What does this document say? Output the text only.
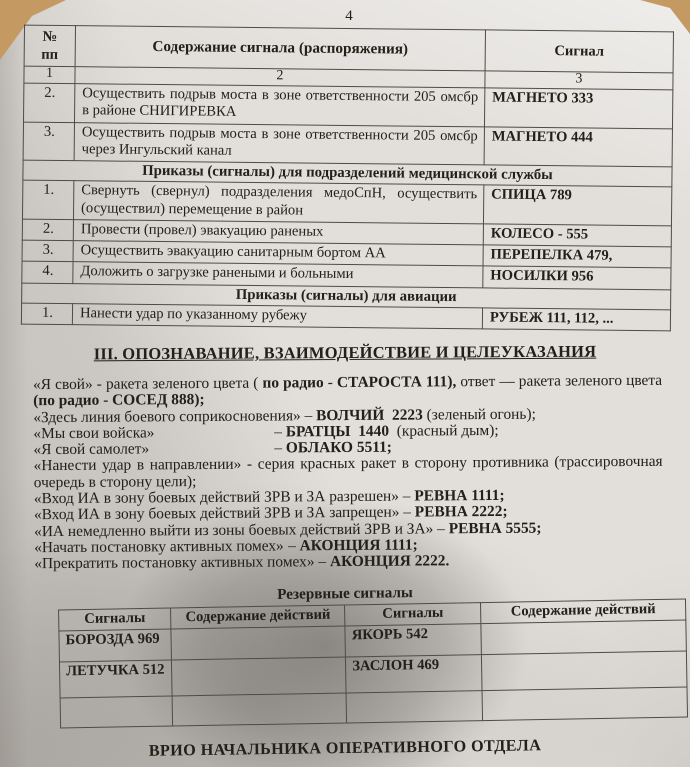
4
№
пп	Содержание сигнала (распоряжения)	Сигнал
1	2	3
2.	Осуществить подрыв моста в зоне ответственности 205 омсбр в районе СНИГИРЕВКА	МАГНЕТО 333
3.	Осуществить подрыв моста в зоне ответственности 205 омсбр через Ингульский канал	МАГНЕТО 444
Приказы (сигналы) для подразделений медицинской службы		
1.	Свернуть (свернул) подразделения медоСпН, осуществить (осуществил) перемещение в район	СПИЦА 789
2.	Провести (провел) эвакуацию раненых	КОЛЕСО - 555
3.	Осуществить эвакуацию санитарным бортом АА	ПЕРЕПЕЛКА 479,
4.	Доложить о загрузке ранеными и больными	НОСИЛКИ 956
Приказы (сигналы) для авиации		
1.	Нанести удар по указанному рубежу	РУБЕЖ 111, 112, ...
III. ОПОЗНАВАНИЕ, ВЗАИМОДЕЙСТВИЕ И ЦЕЛЕУКАЗАНИЯ
«Я свой» - ракета зеленого цвета ( по радио - СТАРОСТА 111), ответ — ракета зеленого цвета (по радио - СОСЕД 888);
«Здесь линия боевого соприкосновения» – ВОЛЧИЙ  2223 (зеленый огонь);
«Мы свои войска»	– БРАТЦЫ  1440  (красный дым);
«Я свой самолет»	– ОБЛАКО 5511;
«Нанести удар в направлении» - серия красных ракет в сторону противника (трассировочная очередь в сторону цели);
«Вход ИА в зону боевых действий ЗРВ и ЗА разрешен» – РЕВНА 1111;
«Вход ИА в зону боевых действий ЗРВ и ЗА запрещен» – РЕВНА 2222;
«ИА немедленно выйти из зоны боевых действий ЗРВ и ЗА» – РЕВНА 5555;
«Начать постановку активных помех» – АКОНЦИЯ 1111;
«Прекратить постановку активных помех» – АКОНЦИЯ 2222.
Резервные сигналы
Сигналы	Содержание действий	Сигналы	Содержание действий
БОРОЗДА 969		ЯКОРЬ 542	
ЛЕТУЧКА 512		ЗАСЛОН 469	

ВРИО НАЧАЛЬНИКА ОПЕРАТИВНОГО ОТДЕЛА
